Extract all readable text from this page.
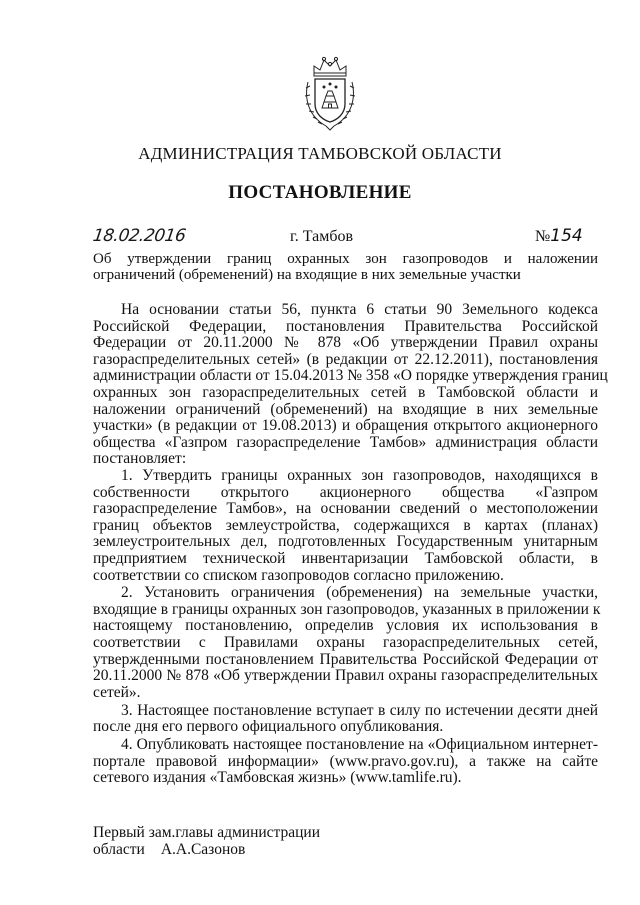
АДМИНИСТРАЦИЯ ТАМБОВСКОЙ ОБЛАСТИ
ПОСТАНОВЛЕНИЕ
18.02.2016	г. Тамбов	№154
Об утверждении границ охранных зон газопроводов и наложении
ограничений (обременений) на входящие в них земельные участки
На основании статьи 56, пункта 6 статьи 90 Земельного кодекса
Российской Федерации, постановления Правительства Российской
Федерации от 20.11.2000 № 878 «Об утверждении Правил охраны
газораспределительных сетей» (в редакции от 22.12.2011), постановления
администрации области от 15.04.2013 № 358 «О порядке утверждения границ
охранных зон газораспределительных сетей в Тамбовской области и
наложении ограничений (обременений) на входящие в них земельные
участки» (в редакции от 19.08.2013) и обращения открытого акционерного
общества «Газпром газораспределение Тамбов» администрация области
постановляет:
1. Утвердить границы охранных зон газопроводов, находящихся в
собственности открытого акционерного общества «Газпром
газораспределение Тамбов», на основании сведений о местоположении
границ объектов землеустройства, содержащихся в картах (планах)
землеустроительных дел, подготовленных Государственным унитарным
предприятием технической инвентаризации Тамбовской области, в
соответствии со списком газопроводов согласно приложению.
2. Установить ограничения (обременения) на земельные участки,
входящие в границы охранных зон газопроводов, указанных в приложении к
настоящему постановлению, определив условия их использования в
соответствии с Правилами охраны газораспределительных сетей,
утвержденными постановлением Правительства Российской Федерации от
20.11.2000 № 878 «Об утверждении Правил охраны газораспределительных
сетей».
3. Настоящее постановление вступает в силу по истечении десяти дней
после дня его первого официального опубликования.
4. Опубликовать настоящее постановление на «Официальном интернет-
портале правовой информации» (www.pravo.gov.ru), а также на сайте
сетевого издания «Тамбовская жизнь» (www.tamlife.ru).
Первый зам.главы администрации
области А.А.Сазонов
